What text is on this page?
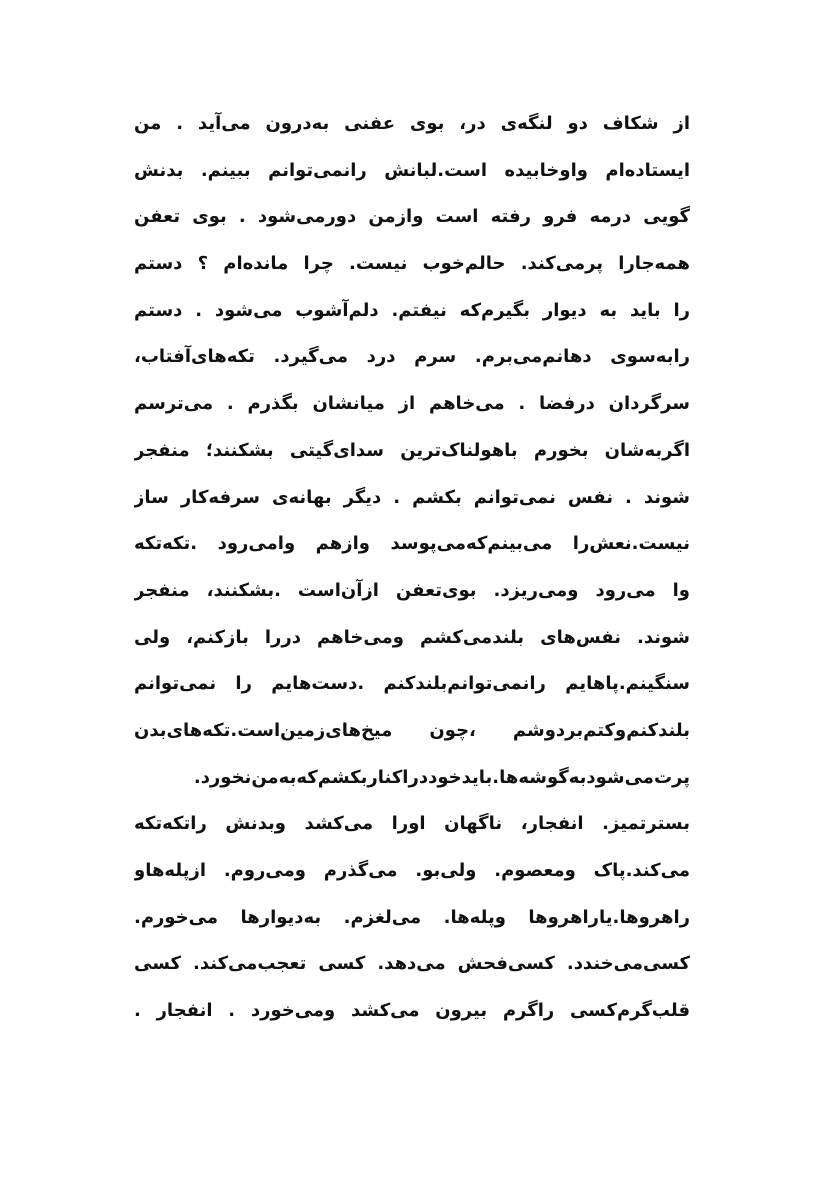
از شکاف دو لنگه‌ی در، بوی عفنی به‌درون می‌آید . من
ایستاده‌ام واوخابیده است.لبانش رانمی‌توانم ببینم. بدنش
گویی درمه فرو رفته است وازمن دورمی‌شود . بوی تعفن
همه‌جارا پرمی‌کند. حالم‌خوب نیست. چرا مانده‌ام ؟ دستم
را باید به دیوار بگیرم‌که نیفتم. دلم‌آشوب می‌شود . دستم
رابه‌سوی دهانم‌می‌برم. سرم درد می‌گیرد. تکه‌های‌آفتاب،
سرگردان درفضا . می‌خاهم از میانشان بگذرم . می‌ترسم
اگربه‌شان بخورم باهولناک‌ترین سدای‌گیتی بشکنند؛ منفجر
شوند . نفس نمی‌توانم بکشم . دیگر بهانه‌ی سرفه‌کار ساز
نیست.نعش‌را می‌بینم‌که‌می‌پوسد وازهم وامی‌رود .تکه‌تکه
وا می‌رود ومی‌ریزد. بوی‌تعفن ازآن‌است .بشکنند، منفجر
شوند. نفس‌های بلندمی‌کشم ومی‌خاهم دررا بازکنم، ولی
سنگینم.پاهایم رانمی‌توانم‌بلندکنم .دست‌هایم را نمی‌توانم
بلندکنم‌وکتم‌بردوشم ،چون میخ‌های‌زمین‌است.تکه‌های‌بدن
پرت‌می‌شودبه‌گوشه‌ها.بایدخوددراکناربکشم‌که‌به‌من‌نخورد.
بسترتمیز. انفجار، ناگهان اورا می‌کشد وبدنش راتکه‌تکه
می‌کند.پاک ومعصوم. ولی‌بو. می‌گذرم ومی‌روم. ازپله‌هاو
راهروها.یاراهروها وپله‌ها. می‌لغزم. به‌دیوارها می‌خورم.
کسی‌می‌خندد. کسی‌فحش می‌دهد. کسی تعجب‌می‌کند. کسی
قلب‌گرم‌کسی راگرم بیرون می‌کشد ومی‌خورد . انفجار .
